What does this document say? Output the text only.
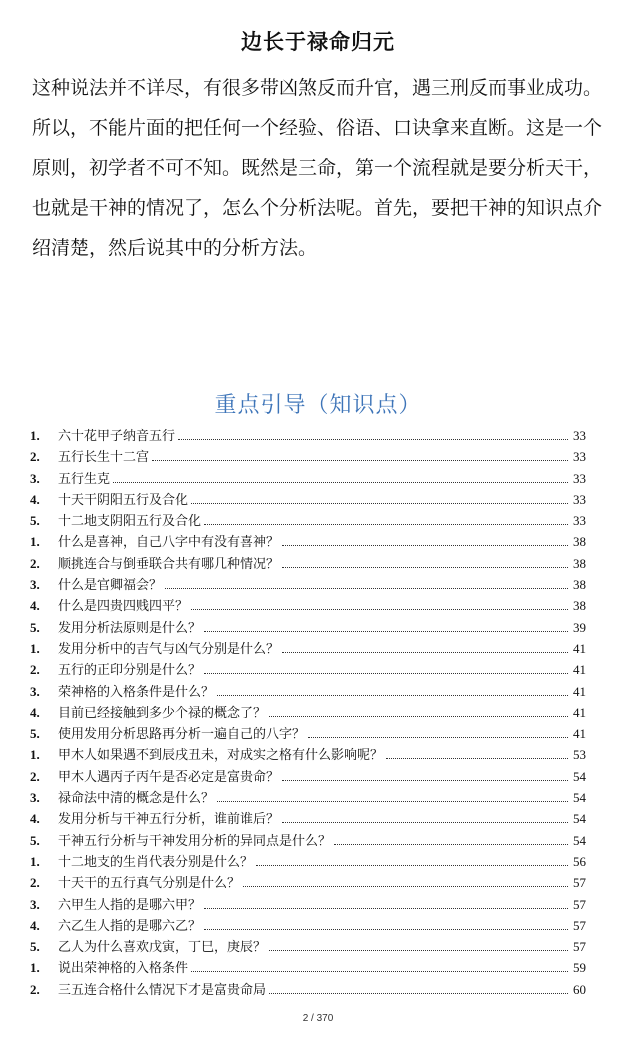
边长于禄命归元
这种说法并不详尽，有很多带凶煞反而升官，遇三刑反而事业成功。
所以，不能片面的把任何一个经验、俗语、口诀拿来直断。这是一个
原则，初学者不可不知。既然是三命，第一个流程就是要分析天干，
也就是干神的情况了，怎么个分析法呢。首先，要把干神的知识点介
绍清楚，然后说其中的分析方法。
重点引导（知识点）
1.	六十花甲子纳音五行	33
2.	五行长生十二宫	33
3.	五行生克	33
4.	十天干阴阳五行及合化	33
5.	十二地支阴阳五行及合化	33
1.	什么是喜神，自己八字中有没有喜神？	38
2.	顺挑连合与倒垂联合共有哪几种情况？	38
3.	什么是官卿福会？	38
4.	什么是四贵四贱四平？	38
5.	发用分析法原则是什么？	39
1.	发用分析中的吉气与凶气分别是什么？	41
2.	五行的正印分别是什么？	41
3.	荣神格的入格条件是什么？	41
4.	目前已经接触到多少个禄的概念了？	41
5.	使用发用分析思路再分析一遍自己的八字？	41
1.	甲木人如果遇不到辰戌丑未，对成实之格有什么影响呢？	53
2.	甲木人遇丙子丙午是否必定是富贵命？	54
3.	禄命法中清的概念是什么？	54
4.	发用分析与干神五行分析，谁前谁后？	54
5.	干神五行分析与干神发用分析的异同点是什么？	54
1.	十二地支的生肖代表分别是什么？	56
2.	十天干的五行真气分别是什么？	57
3.	六甲生人指的是哪六甲？	57
4.	六乙生人指的是哪六乙？	57
5.	乙人为什么喜欢戊寅，丁巳，庚辰？	57
1.	说出荣神格的入格条件	59
2.	三五连合格什么情况下才是富贵命局	60
2 / 370
